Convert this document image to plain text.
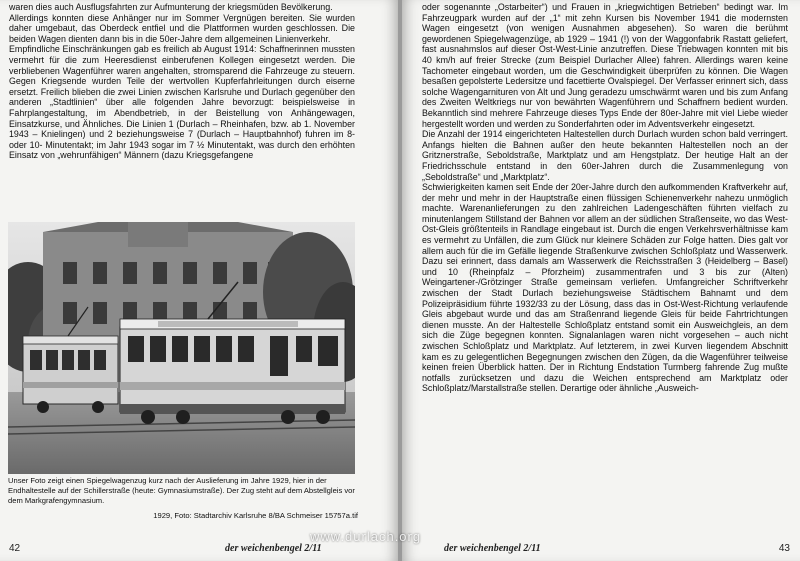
waren dies auch Ausflugsfahrten zur Aufmunterung der kriegsmüden Bevölkerung.

Allerdings konnten diese Anhänger nur im Sommer Vergnügen bereiten. Sie wurden daher umgebaut, das Oberdeck entfiel und die Plattformen wurden geschlossen. Die beiden Wagen dienten dann bis in die 50er-Jahre dem allgemeinen Linienverkehr.

Empfindliche Einschränkungen gab es freilich ab August 1914: Schaffnerinnen mussten vermehrt für die zum Heeresdienst einberufenen Kollegen eingesetzt werden. Die verbliebenen Wagenführer waren angehalten, stromsparend die Fahrzeuge zu steuern. Gegen Kriegsende wurden Teile der wertvollen Kupferfahrleitungen durch eiserne ersetzt. Freilich blieben die zwei Linien zwischen Karlsruhe und Durlach gegenüber den anderen „Stadtlinien“ über alle folgenden Jahre bevorzugt: beispielsweise in Fahrplangestaltung, im Abendbetrieb, in der Beistellung von Anhängewagen, Einsatzkurse, und Ähnliches. Die Linien 1 (Durlach – Rheinhafen, bzw. ab 1. November 1943 – Knielingen) und 2 beziehungsweise 7 (Durlach – Hauptbahnhof) fuhren im 8- oder 10- Minutentakt; im Jahr 1943 sogar im 7 ½ Minutentakt, was durch den erhöhten Einsatz von „wehrunfähigen“ Männern (dazu Kriegsgefangene

Unser Foto zeigt einen Spiegelwagenzug kurz nach der Auslieferung im Jahre 1929, hier in der Endhaltestelle auf der Schillerstraße (heute: Gymnasiumstraße). Der Zug steht auf dem Abstellgleis vor dem Markgrafengymnasium.
1929, Foto: Stadtarchiv Karlsruhe 8/BA Schmeiser 15757a.tif
42	der weichenbengel 2/11

oder sogenannte „Ostarbeiter“) und Frauen in „kriegwichtigen Betrieben“ bedingt war. Im Fahrzeugpark wurden auf der „1“ mit zehn Kursen bis November 1941 die modernsten Wagen eingesetzt (von wenigen Ausnahmen abgesehen). So waren die berühmt gewordenen Spiegelwagenzüge, ab 1929 – 1941 (!) von der Waggonfabrik Rastatt geliefert, fast ausnahmslos auf dieser Ost-West-Linie anzutreffen. Diese Triebwagen konnten mit bis 40 km/h auf freier Strecke (zum Beispiel Durlacher Allee) fahren. Allerdings waren keine Tachometer eingebaut worden, um die Geschwindigkeit überprüfen zu können. Die Wagen besaßen gepolsterte Ledersitze und facettierte Ovalspiegel. Der Verfasser erinnert sich, dass solche Wagengarnituren von Alt und Jung geradezu umschwärmt waren und bis zum Anfang des Zweiten Weltkriegs nur von bewährten Wagenführern und Schaffnern bedient wurden. Bekanntlich sind mehrere Fahrzeuge dieses Typs Ende der 80er-Jahre mit viel Liebe wieder hergestellt worden und werden zu Sonderfahrten oder im Adventsverkehr eingesetzt.

Die Anzahl der 1914 eingerichteten Haltestellen durch Durlach wurden schon bald verringert. Anfangs hielten die Bahnen außer den heute bekannten Haltestellen noch an der Gritznerstraße, Seboldstraße, Marktplatz und am Hengstplatz. Der heutige Halt an der Friedrichsschule entstand in den 60er-Jahren durch die Zusammenlegung von „Seboldstraße“ und „Marktplatz“.

Schwierigkeiten kamen seit Ende der 20er-Jahre durch den aufkommenden Kraftverkehr auf, der mehr und mehr in der Hauptstraße einen flüssigen Schienenverkehr nahezu unmöglich machte. Warenanlieferungen zu den zahlreichen Ladengeschäften führten vielfach zu minutenlangem Stillstand der Bahnen vor allem an der südlichen Straßenseite, wo das West-Ost-Gleis größtenteils in Randlage eingebaut ist. Durch die engen Verkehrsverhältnisse kam es vermehrt zu Unfällen, die zum Glück nur kleinere Schäden zur Folge hatten. Dies galt vor allem auch für die im Gefälle liegende Straßenkurve zwischen Schloßplatz und Wasserwerk. Dazu sei erinnert, dass damals am Wasserwerk die Reichsstraßen 3 (Heidelberg – Basel) und 10 (Rheinpfalz – Pforzheim) zusammentrafen und 3 bis zur (Alten) Weingartener-/Grötzinger Straße gemeinsam verliefen. Umfangreicher Schriftverkehr zwischen der Stadt Durlach beziehungsweise Städtischem Bahnamt und dem Polizeipräsidium führte 1932/33 zu der Lösung, dass das in Ost-West-Richtung verlaufende Gleis abgebaut wurde und das am Straßenrand liegende Gleis für beide Fahrtrichtungen dienen musste. An der Haltestelle Schloßplatz entstand somit ein Ausweichgleis, an dem sich die Züge begegnen konnten. Signalanlagen waren nicht vorgesehen – auch nicht zwischen Schloßplatz und Marktplatz. Auf letzterem, in zwei Kurven liegendem Abschnitt kam es zu gelegentlichen Begegnungen zwischen den Zügen, da die Wagenführer teilweise keinen freien Überblick hatten. Der in Richtung Endstation Turmberg fahrende Zug mußte notfalls zurücksetzen und dazu die Weichen entsprechend am Marktplatz oder Schloßplatz/Marstallstraße stellen. Derartige oder ähnliche „Ausweich-

der weichenbengel 2/11	43
www.durlach.org
